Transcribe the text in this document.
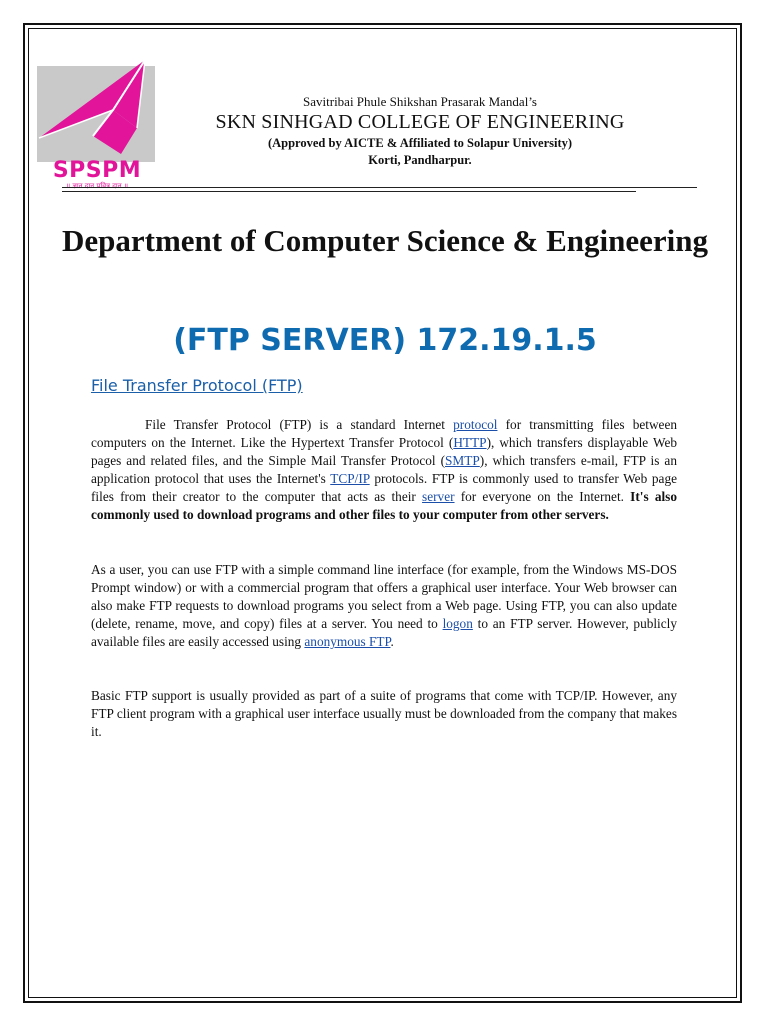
SPSPM
॥ ज्ञान दान पवित्र दान ॥
Savitribai Phule Shikshan Prasarak Mandal’s
SKN SINHGAD COLLEGE OF ENGINEERING
(Approved by AICTE & Affiliated to Solapur University)
Korti, Pandharpur.
Department of Computer Science & Engineering
(FTP SERVER) 172.19.1.5
File Transfer Protocol (FTP)
File Transfer Protocol (FTP) is a standard Internet protocol for transmitting files between computers on the Internet. Like the Hypertext Transfer Protocol (HTTP), which transfers displayable Web pages and related files, and the Simple Mail Transfer Protocol (SMTP), which transfers e-mail, FTP is an application protocol that uses the Internet's TCP/IP protocols. FTP is commonly used to transfer Web page files from their creator to the computer that acts as their server for everyone on the Internet. It's also commonly used to download programs and other files to your computer from other servers.
As a user, you can use FTP with a simple command line interface (for example, from the Windows MS-DOS Prompt window) or with a commercial program that offers a graphical user interface. Your Web browser can also make FTP requests to download programs you select from a Web page. Using FTP, you can also update (delete, rename, move, and copy) files at a server. You need to logon to an FTP server. However, publicly available files are easily accessed using anonymous FTP.
Basic FTP support is usually provided as part of a suite of programs that come with TCP/IP. However, any FTP client program with a graphical user interface usually must be downloaded from the company that makes it.
